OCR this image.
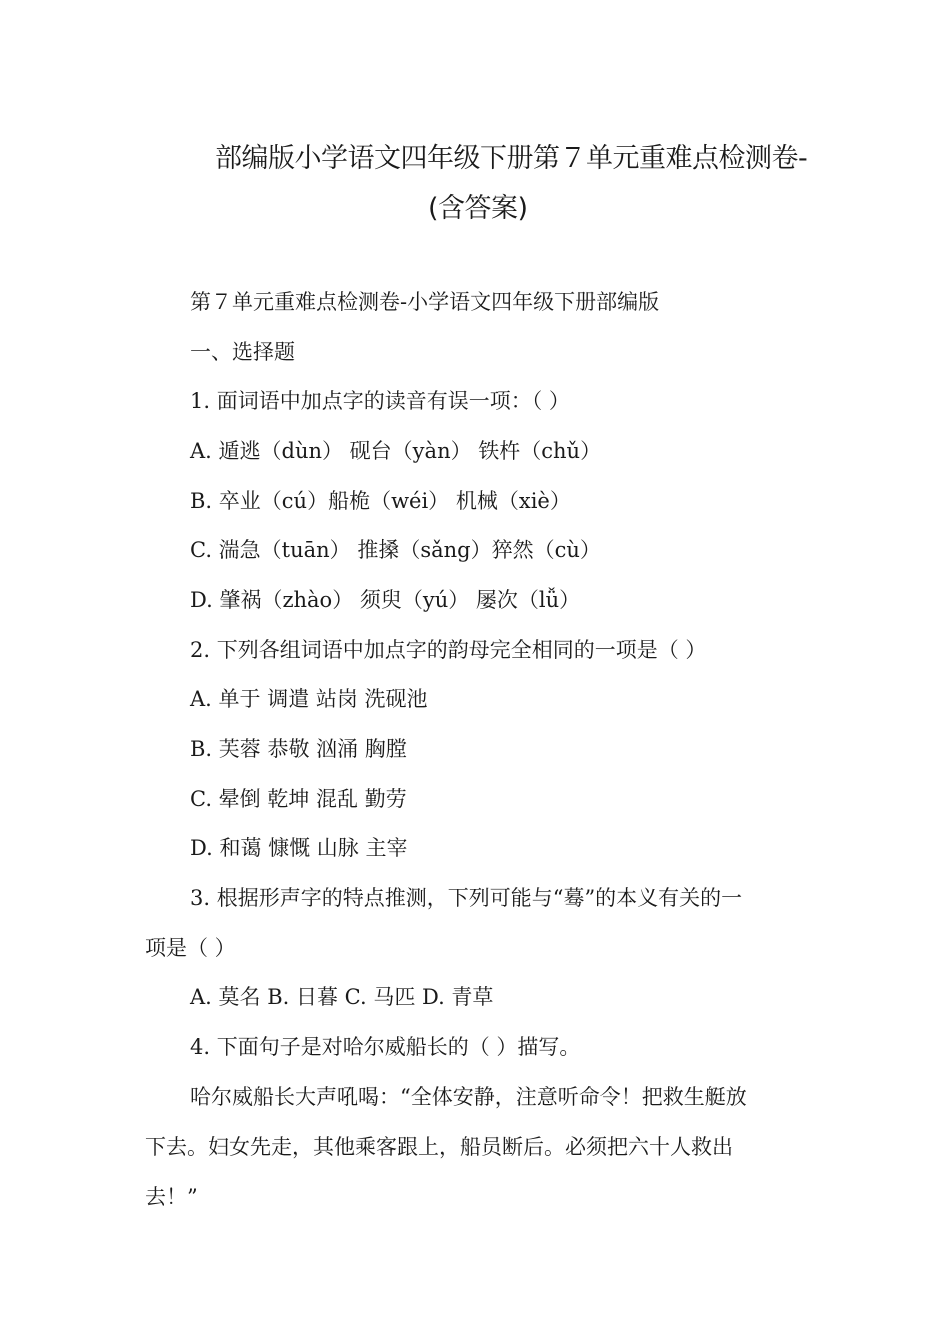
部编版小学语文四年级下册第７单元重难点检测卷-
(含答案)
第７单元重难点检测卷-小学语文四年级下册部编版
一、选择题
1. 面词语中加点字的读音有误一项：（ ）
A. 遁逃（dùn） 砚台（yàn） 铁杵（chǔ）
B. 卒业（cú）船桅（wéi） 机械（xiè）
C. 湍急（tuān） 推搡（sǎng）猝然（cù）
D. 肇祸（zhào） 须臾（yú） 屡次（lǚ）
2. 下列各组词语中加点字的韵母完全相同的一项是（ ）
A. 单于 调遣 站岗 洗砚池
B. 芙蓉 恭敬 汹涌 胸膛
C. 晕倒 乾坤 混乱 勤劳
D. 和蔼 慷慨 山脉 主宰
3. 根据形声字的特点推测，下列可能与“蓦”的本义有关的一
项是（ ）
A. 莫名 B. 日暮 C. 马匹 D. 青草
4. 下面句子是对哈尔威船长的（ ）描写。
哈尔威船长大声吼喝：“全体安静，注意听命令！把救生艇放
下去。妇女先走，其他乘客跟上，船员断后。必须把六十人救出
去！”
